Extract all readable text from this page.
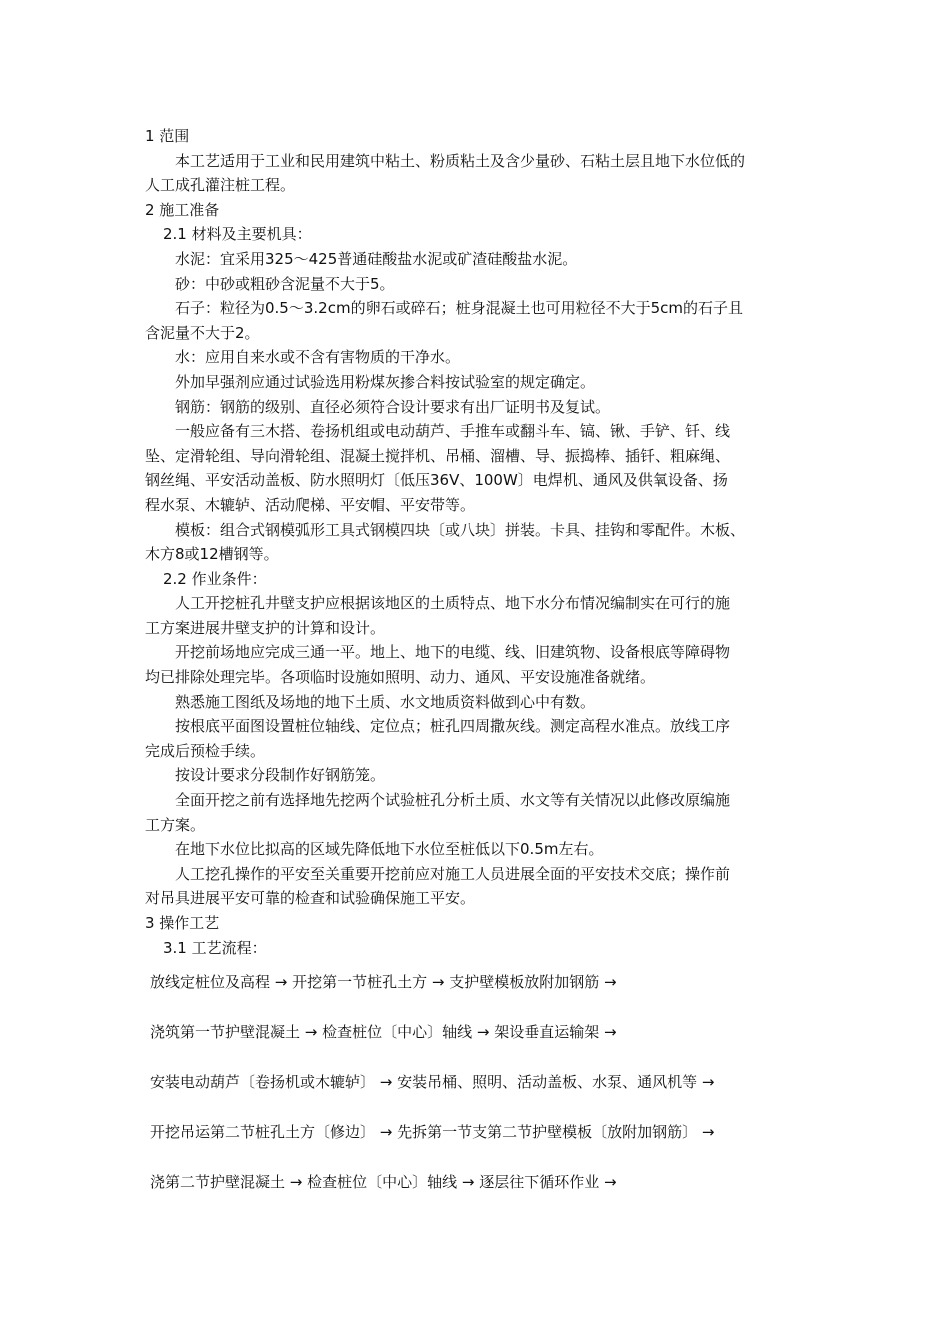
1 范围

本工艺适用于工业和民用建筑中粘土、粉质粘土及含少量砂、石粘土层且地下水位低的

人工成孔灌注桩工程。

2 施工准备

2.1 材料及主要机具：

水泥：宜采用325～425普通硅酸盐水泥或矿渣硅酸盐水泥。

砂：中砂或粗砂含泥量不大于5。

石子：粒径为0.5～3.2cm的卵石或碎石；桩身混凝土也可用粒径不大于5cm的石子且

含泥量不大于2。

水：应用自来水或不含有害物质的干净水。

外加早强剂应通过试验选用粉煤灰掺合料按试验室的规定确定。

钢筋：钢筋的级别、直径必须符合设计要求有出厂证明书及复试。

一般应备有三木搭、卷扬机组或电动葫芦、手推车或翻斗车、镐、锹、手铲、钎、线

坠、定滑轮组、导向滑轮组、混凝土搅拌机、吊桶、溜槽、导、振捣棒、插钎、粗麻绳、

钢丝绳、平安活动盖板、防水照明灯〔低压36V、100W〕电焊机、通风及供氧设备、扬

程水泵、木辘轳、活动爬梯、平安帽、平安带等。

模板：组合式钢模弧形工具式钢模四块〔或八块〕拼装。卡具、挂钩和零配件。木板、

木方8或12槽钢等。

2.2 作业条件：

人工开挖桩孔井壁支护应根据该地区的土质特点、地下水分布情况编制实在可行的施

工方案进展井壁支护的计算和设计。

开挖前场地应完成三通一平。地上、地下的电缆、线、旧建筑物、设备根底等障碍物

均已排除处理完毕。各项临时设施如照明、动力、通风、平安设施准备就绪。

熟悉施工图纸及场地的地下土质、水文地质资料做到心中有数。

按根底平面图设置桩位轴线、定位点；桩孔四周撒灰线。测定高程水准点。放线工序

完成后预检手续。

按设计要求分段制作好钢筋笼。

全面开挖之前有选择地先挖两个试验桩孔分析土质、水文等有关情况以此修改原编施

工方案。

在地下水位比拟高的区域先降低地下水位至桩低以下0.5m左右。

人工挖孔操作的平安至关重要开挖前应对施工人员进展全面的平安技术交底；操作前

对吊具进展平安可靠的检查和试验确保施工平安。

3 操作工艺

3.1 工艺流程：

放线定桩位及高程 → 开挖第一节桩孔土方 → 支护壁模板放附加钢筋 →
浇筑第一节护壁混凝土 → 检查桩位〔中心〕轴线 → 架设垂直运输架 →
安装电动葫芦〔卷扬机或木辘轳〕 → 安装吊桶、照明、活动盖板、水泵、通风机等 →
开挖吊运第二节桩孔土方〔修边〕 → 先拆第一节支第二节护壁模板〔放附加钢筋〕 →
浇第二节护壁混凝土 → 检查桩位〔中心〕轴线 → 逐层往下循环作业 →
